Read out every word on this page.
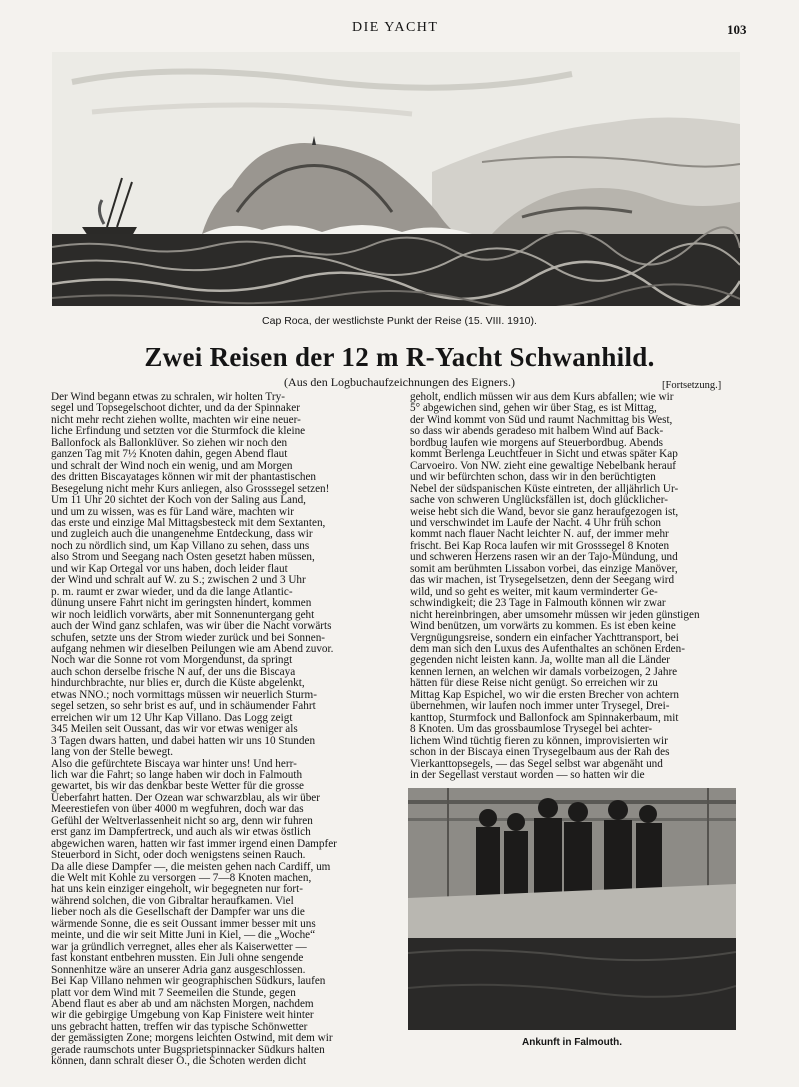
DIE YACHT	103
Cap Roca, der westlichste Punkt der Reise (15. VIII. 1910).
Zwei Reisen der 12 m R-Yacht Schwanhild.
(Aus den Logbuchaufzeichnungen des Eigners.)	[Fortsetzung.]
Der Wind begann etwas zu schralen, wir holten Try-
segel und Topsegelschoot dichter, und da der Spinnaker
nicht mehr recht ziehen wollte, machten wir eine neuer-
liche Erfindung und setzten vor die Sturmfock die kleine
Ballonfock als Ballonklüver. So ziehen wir noch den
ganzen Tag mit 7½ Knoten dahin, gegen Abend flaut
und schralt der Wind noch ein wenig, und am Morgen
des dritten Biscayatages können wir mit der phantastischen
Besegelung nicht mehr Kurs anliegen, also Grosssegel setzen!
Um 11 Uhr 20 sichtet der Koch von der Saling aus Land,
und um zu wissen, was es für Land wäre, machten wir
das erste und einzige Mal Mittagsbesteck mit dem Sextanten,
und zugleich auch die unangenehme Entdeckung, dass wir
noch zu nördlich sind, um Kap Villano zu sehen, dass uns
also Strom und Seegang nach Osten gesetzt haben müssen,
und wir Kap Ortegal vor uns haben, doch leider flaut
der Wind und schralt auf W. zu S.; zwischen 2 und 3 Uhr
p. m. raumt er zwar wieder, und da die lange Atlantic-
dünung unsere Fahrt nicht im geringsten hindert, kommen
wir noch leidlich vorwärts, aber mit Sonnenuntergang geht
auch der Wind ganz schlafen, was wir über die Nacht vorwärts
schufen, setzte uns der Strom wieder zurück und bei Sonnen-
aufgang nehmen wir dieselben Peilungen wie am Abend zuvor.
Noch war die Sonne rot vom Morgendunst, da springt
auch schon derselbe frische N auf, der uns die Biscaya
hindurchbrachte, nur blies er, durch die Küste abgelenkt,
etwas NNO.; noch vormittags müssen wir neuerlich Sturm-
segel setzen, so sehr brist es auf, und in schäumender Fahrt
erreichen wir um 12 Uhr Kap Villano. Das Logg zeigt
345 Meilen seit Oussant, das wir vor etwas weniger als
3 Tagen dwars hatten, und dabei hatten wir uns 10 Stunden
lang von der Stelle bewegt.
Also die gefürchtete Biscaya war hinter uns! Und herr-
lich war die Fahrt; so lange haben wir doch in Falmouth
gewartet, bis wir das denkbar beste Wetter für die grosse
Üeberfahrt hatten. Der Ozean war schwarzblau, als wir über
Meerestiefen von über 4000 m wegfuhren, doch war das
Gefühl der Weltverlassenheit nicht so arg, denn wir fuhren
erst ganz im Dampfertreck, und auch als wir etwas östlich
abgewichen waren, hatten wir fast immer irgend einen Dampfer
Steuerbord in Sicht, oder doch wenigstens seinen Rauch.
Da alle diese Dampfer —, die meisten gehen nach Cardiff, um
die Welt mit Kohle zu versorgen — 7—8 Knoten machen,
hat uns kein einziger eingeholt, wir begegneten nur fort-
während solchen, die von Gibraltar heraufkamen. Viel
lieber noch als die Gesellschaft der Dampfer war uns die
wärmende Sonne, die es seit Oussant immer besser mit uns
meinte, und die wir seit Mitte Juni in Kiel, — die „Woche“
war ja gründlich verregnet, alles eher als Kaiserwetter —
fast konstant entbehren mussten. Ein Juli ohne sengende
Sonnenhitze wäre an unserer Adria ganz ausgeschlossen.
Bei Kap Villano nehmen wir geographischen Südkurs, laufen
platt vor dem Wind mit 7 Seemeilen die Stunde, gegen
Abend flaut es aber ab und am nächsten Morgen, nachdem
wir die gebirgige Umgebung von Kap Finistere weit hinter
uns gebracht hatten, treffen wir das typische Schönwetter
der gemässigten Zone; morgens leichten Ostwind, mit dem wir
gerade raumschots unter Bugsprietspinnacker Südkurs halten
können, dann schralt dieser O., die Schoten werden dicht
geholt, endlich müssen wir aus dem Kurs abfallen; wie wir
5° abgewichen sind, gehen wir über Stag, es ist Mittag,
der Wind kommt von Süd und raumt Nachmittag bis West,
so dass wir abends geradeso mit halbem Wind auf Back-
bordbug laufen wie morgens auf Steuerbordbug. Abends
kommt Berlenga Leuchtfeuer in Sicht und etwas später Kap
Carvoeiro. Von NW. zieht eine gewaltige Nebelbank herauf
und wir befürchten schon, dass wir in den berüchtigten
Nebel der südspanischen Küste eintreten, der alljährlich Ur-
sache von schweren Unglücksfällen ist, doch glücklicher-
weise hebt sich die Wand, bevor sie ganz heraufgezogen ist,
und verschwindet im Laufe der Nacht. 4 Uhr früh schon
kommt nach flauer Nacht leichter N. auf, der immer mehr
frischt. Bei Kap Roca laufen wir mit Grosssegel 8 Knoten
und schweren Herzens rasen wir an der Tajo-Mündung, und
somit am berühmten Lissabon vorbei, das einzige Manöver,
das wir machen, ist Trysegelsetzen, denn der Seegang wird
wild, und so geht es weiter, mit kaum verminderter Ge-
schwindigkeit; die 23 Tage in Falmouth können wir zwar
nicht hereinbringen, aber umsomehr müssen wir jeden günstigen
Wind benützen, um vorwärts zu kommen. Es ist eben keine
Vergnügungsreise, sondern ein einfacher Yachttransport, bei
dem man sich den Luxus des Aufenthaltes an schönen Erden-
gegenden nicht leisten kann. Ja, wollte man all die Länder
kennen lernen, an welchen wir damals vorbeizogen, 2 Jahre
hätten für diese Reise nicht genügt. So erreichen wir zu
Mittag Kap Espichel, wo wir die ersten Brecher von achtern
übernehmen, wir laufen noch immer unter Trysegel, Drei-
kanttop, Sturmfock und Ballonfock am Spinnakerbaum, mit
8 Knoten. Um das grossbaumlose Trysegel bei achter-
lichem Wind tüchtig fieren zu können, improvisierten wir
schon in der Biscaya einen Trysegelbaum aus der Rah des
Vierkanttopsegels, — das Segel selbst war abgenäht und
in der Segellast verstaut worden — so hatten wir die
Ankunft in Falmouth.
